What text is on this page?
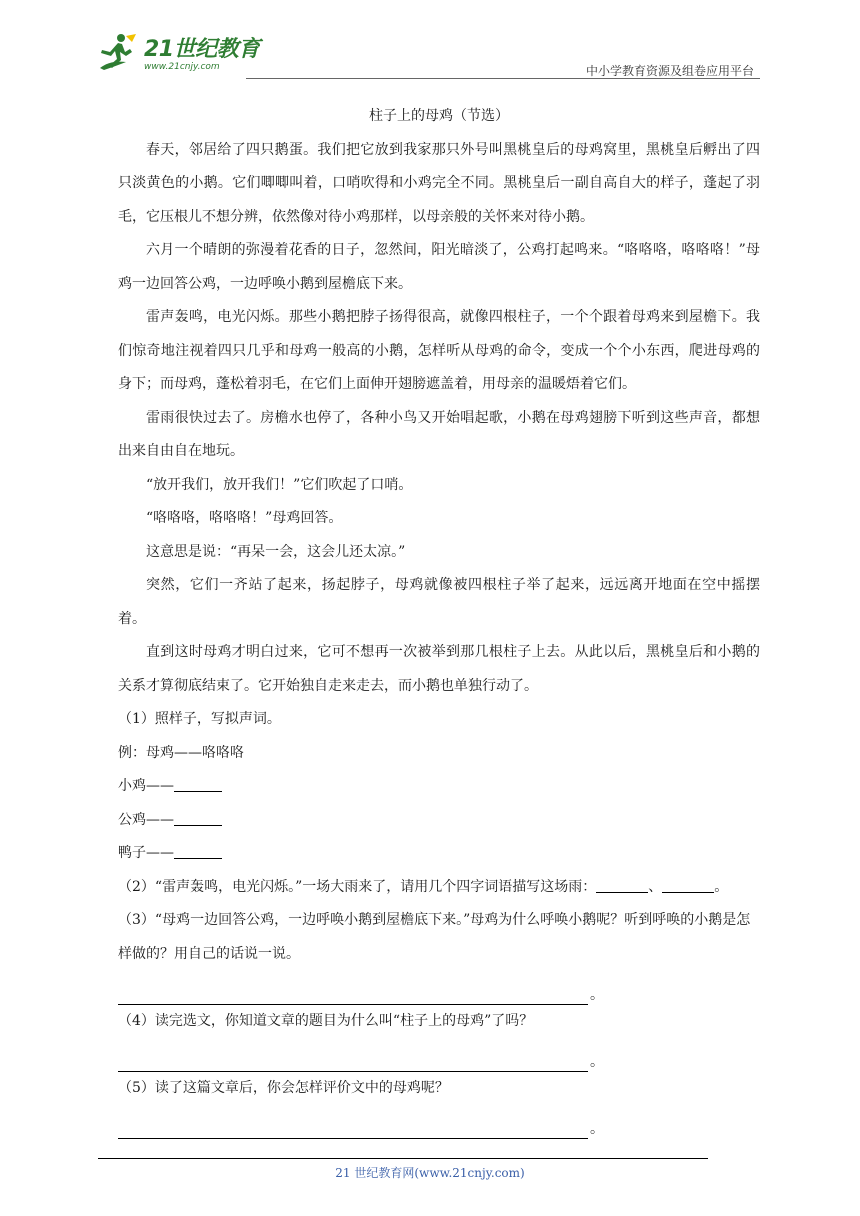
21世纪教育
www.21cnjy.com	中小学教育资源及组卷应用平台

柱子上的母鸡（节选）

春天，邻居给了四只鹅蛋。我们把它放到我家那只外号叫黑桃皇后的母鸡窝里，黑桃皇后孵出了四只淡黄色的小鹅。它们唧唧叫着，口哨吹得和小鸡完全不同。黑桃皇后一副自高自大的样子，蓬起了羽毛，它压根儿不想分辨，依然像对待小鸡那样，以母亲般的关怀来对待小鹅。

六月一个晴朗的弥漫着花香的日子，忽然间，阳光暗淡了，公鸡打起鸣来。“咯咯咯，咯咯咯！”母鸡一边回答公鸡，一边呼唤小鹅到屋檐底下来。

雷声轰鸣，电光闪烁。那些小鹅把脖子扬得很高，就像四根柱子，一个个跟着母鸡来到屋檐下。我们惊奇地注视着四只几乎和母鸡一般高的小鹅，怎样听从母鸡的命令，变成一个个小东西，爬进母鸡的身下；而母鸡，蓬松着羽毛，在它们上面伸开翅膀遮盖着，用母亲的温暖焐着它们。

雷雨很快过去了。房檐水也停了，各种小鸟又开始唱起歌，小鹅在母鸡翅膀下听到这些声音，都想出来自由自在地玩。

“放开我们，放开我们！”它们吹起了口哨。

“咯咯咯，咯咯咯！”母鸡回答。

这意思是说：“再呆一会，这会儿还太凉。”

突然，它们一齐站了起来，扬起脖子，母鸡就像被四根柱子举了起来，远远离开地面在空中摇摆着。

直到这时母鸡才明白过来，它可不想再一次被举到那几根柱子上去。从此以后，黑桃皇后和小鹅的关系才算彻底结束了。它开始独自走来走去，而小鹅也单独行动了。

（1）照样子，写拟声词。

例：母鸡——咯咯咯

小鸡——

公鸡——

鸭子——

（2）“雷声轰鸣，电光闪烁。”一场大雨来了，请用几个四字词语描写这场雨：	、	。

（3）“母鸡一边回答公鸡，一边呼唤小鹅到屋檐底下来。”母鸡为什么呼唤小鹅呢？听到呼唤的小鹅是怎样做的？用自己的话说一说。

。

（4）读完选文，你知道文章的题目为什么叫“柱子上的母鸡”了吗？

。

（5）读了这篇文章后，你会怎样评价文中的母鸡呢？

。
21 世纪教育网(www.21cnjy.com)
